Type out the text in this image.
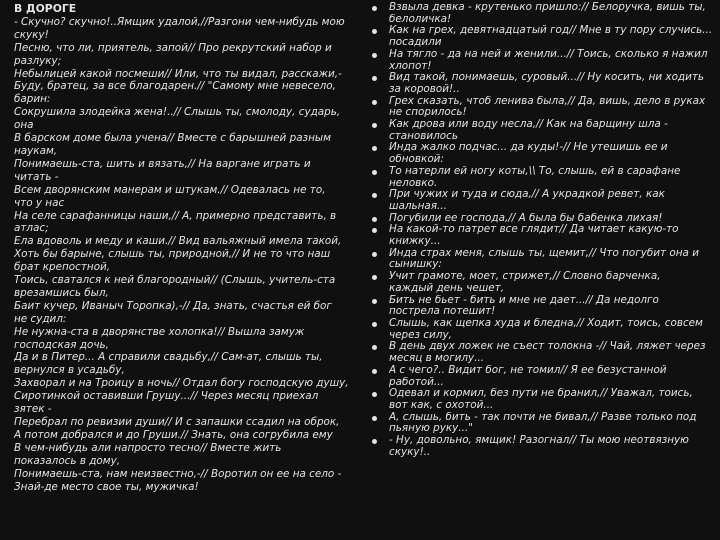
В ДОРОГЕ
- Скучно? скучно!..Ямщик удалой,//Разгони чем-нибудь мою
скуку!
Песню, что ли, приятель, запой// Про рекрутский набор и
разлуку;
Небылицей какой посмеши// Или, что ты видал, расскажи,-
Буду, братец, за все благодарен.// "Самому мне невесело,
барин:
Сокрушила злодейка жена!..// Слышь ты, смолоду, сударь,
она
В барском доме была учена// Вместе с барышней разным
наукам,
Понимаешь-ста, шить и вязать,// На варгане играть и
читать -
Всем дворянским манерам и штукам.// Одевалась не то,
что у нас
На селе сарафанницы наши,// А, примерно представить, в
атлас;
Ела вдоволь и меду и каши.// Вид вальяжный имела такой,
Хоть бы барыне, слышь ты, природной,// И не то что наш
брат крепостной,
Тоись, сватался к ней благородный// (Слышь, учитель-ста
врезамшись был,
Баит кучер, Иваныч Торопка),-// Да, знать, счастья ей бог
не судил:
Не нужна-ста в дворянстве холопка!// Вышла замуж
господская дочь,
Да и в Питер... А справили свадьбу,// Сам-ат, слышь ты,
вернулся в усадьбу,
Захворал и на Троицу в ночь// Отдал богу господскую душу,
Сиротинкой оставивши Грушу...// Через месяц приехал
зятек -
Перебрал по ревизии души// И с запашки ссадил на оброк,
А потом добрался и до Груши.// Знать, она согрубила ему
В чем-нибудь али напросто тесно// Вместе жить
показалось в дому,
Понимаешь-ста, нам неизвестно,-// Воротил он ее на село -
Знай-де место свое ты, мужичка!
Взвыла девка - крутенько пришло:// Белоручка, вишь ты,
белоличка!
Как на грех, девятнадцатый год// Мне в ту пору случись...
посадили
На тягло - да на ней и женили...// Тоись, сколько я нажил
хлопот!
Вид такой, понимаешь, суровый...// Ну косить, ни ходить
за коровой!..
Грех сказать, чтоб ленива была,// Да, вишь, дело в руках
не спорилось!
Как дрова или воду несла,// Как на барщину шла -
становилось
Инда жалко подчас... да куды!-// Не утешишь ее и
обновкой:
То натерли ей ногу коты,\\ То, слышь, ей в сарафане
неловко.
При чужих и туда и сюда,// А украдкой ревет, как
шальная...
Погубили ее господа,// А была бы бабенка лихая!
На какой-то патрет все глядит// Да читает какую-то
книжку...
Инда страх меня, слышь ты, щемит,// Что погубит она и
сынишку:
Учит грамоте, моет, стрижет,// Словно барченка,
каждый день чешет,
Бить не бьет - бить и мне не дает...// Да недолго
пострела потешит!
Слышь, как щепка худа и бледна,// Ходит, тоись, совсем
через силу,
В день двух ложек не съест толокна -// Чай, ляжет через
месяц в могилу...
А с чего?.. Видит бог, не томил// Я ее безустанной
работой...
Одевал и кормил, без пути не бранил,// Уважал, тоись,
вот как, с охотой...
А, слышь, бить - так почти не бивал,// Разве только под
пьяную руку..."
- Ну, довольно, ямщик! Разогнал// Ты мою неотвязную
скуку!..
